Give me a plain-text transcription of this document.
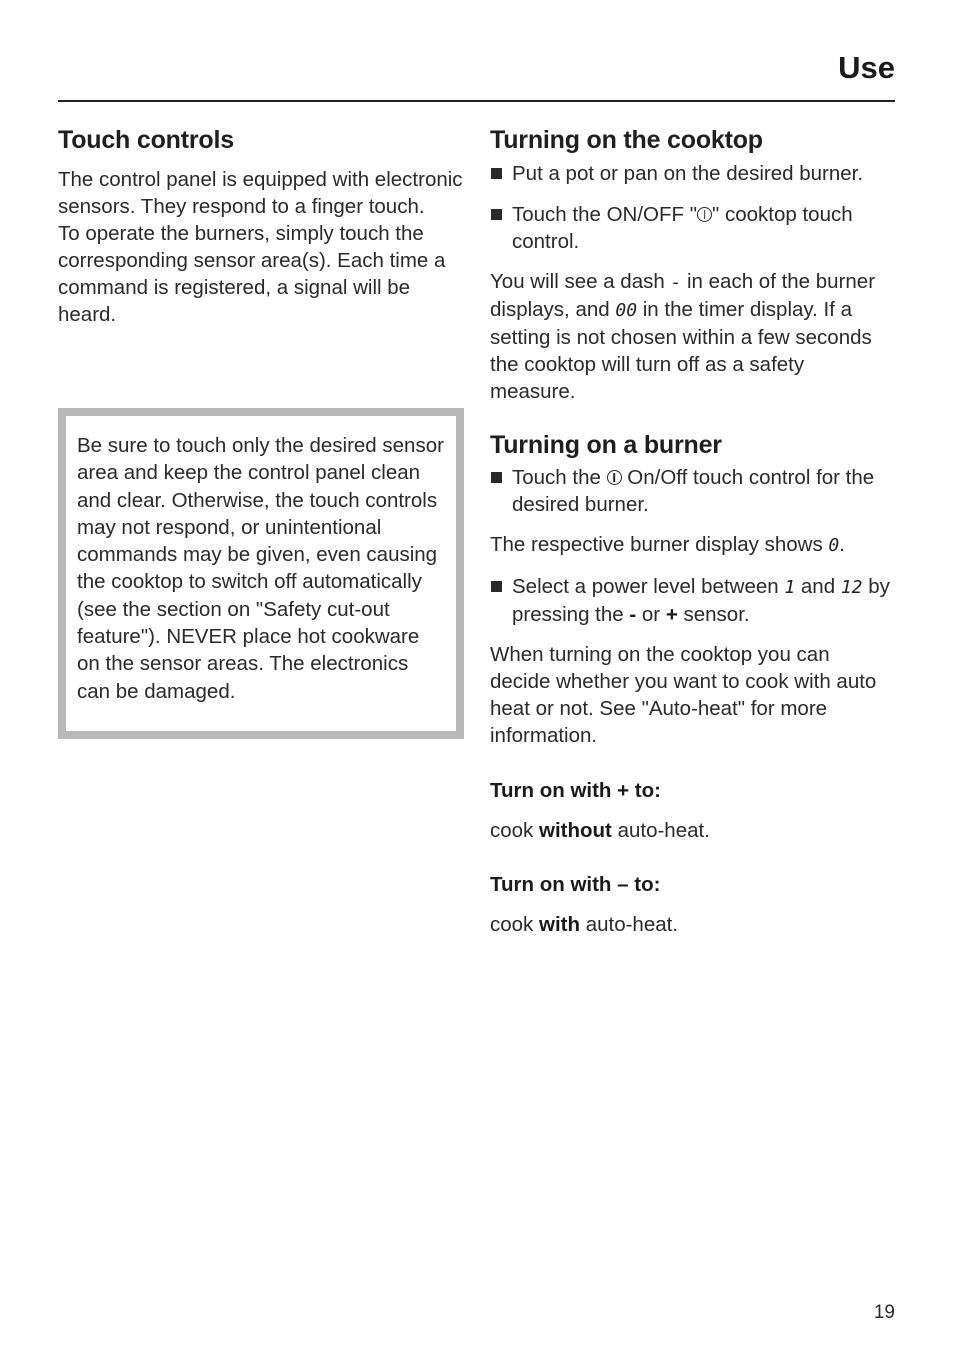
Use
Touch controls

The control panel is equipped with electronic sensors. They respond to a finger touch.

To operate the burners, simply touch the corresponding sensor area(s). Each time a command is registered, a signal will be heard.

Be sure to touch only the desired sensor area and keep the control panel clean and clear. Otherwise, the touch controls may not respond, or unintentional commands may be given, even causing the cooktop to switch off automatically (see the section on "Safety cut-out feature"). NEVER place hot cookware on the sensor areas. The electronics can be damaged.

Turning on the cooktop

Put a pot or pan on the desired burner.

Touch the ON/OFF " " cooktop touch control.

You will see a dash - in each of the burner displays, and 00 in the timer display. If a setting is not chosen within a few seconds the cooktop will turn off as a safety measure.

Turning on a burner

Touch the  On/Off touch control for the desired burner.

The respective burner display shows 0.

Select a power level between 1 and 12 by pressing the - or + sensor.

When turning on the cooktop you can decide whether you want to cook with auto heat or not. See "Auto-heat" for more information.

Turn on with + to:

cook without auto-heat.

Turn on with – to:

cook with auto-heat.

19
